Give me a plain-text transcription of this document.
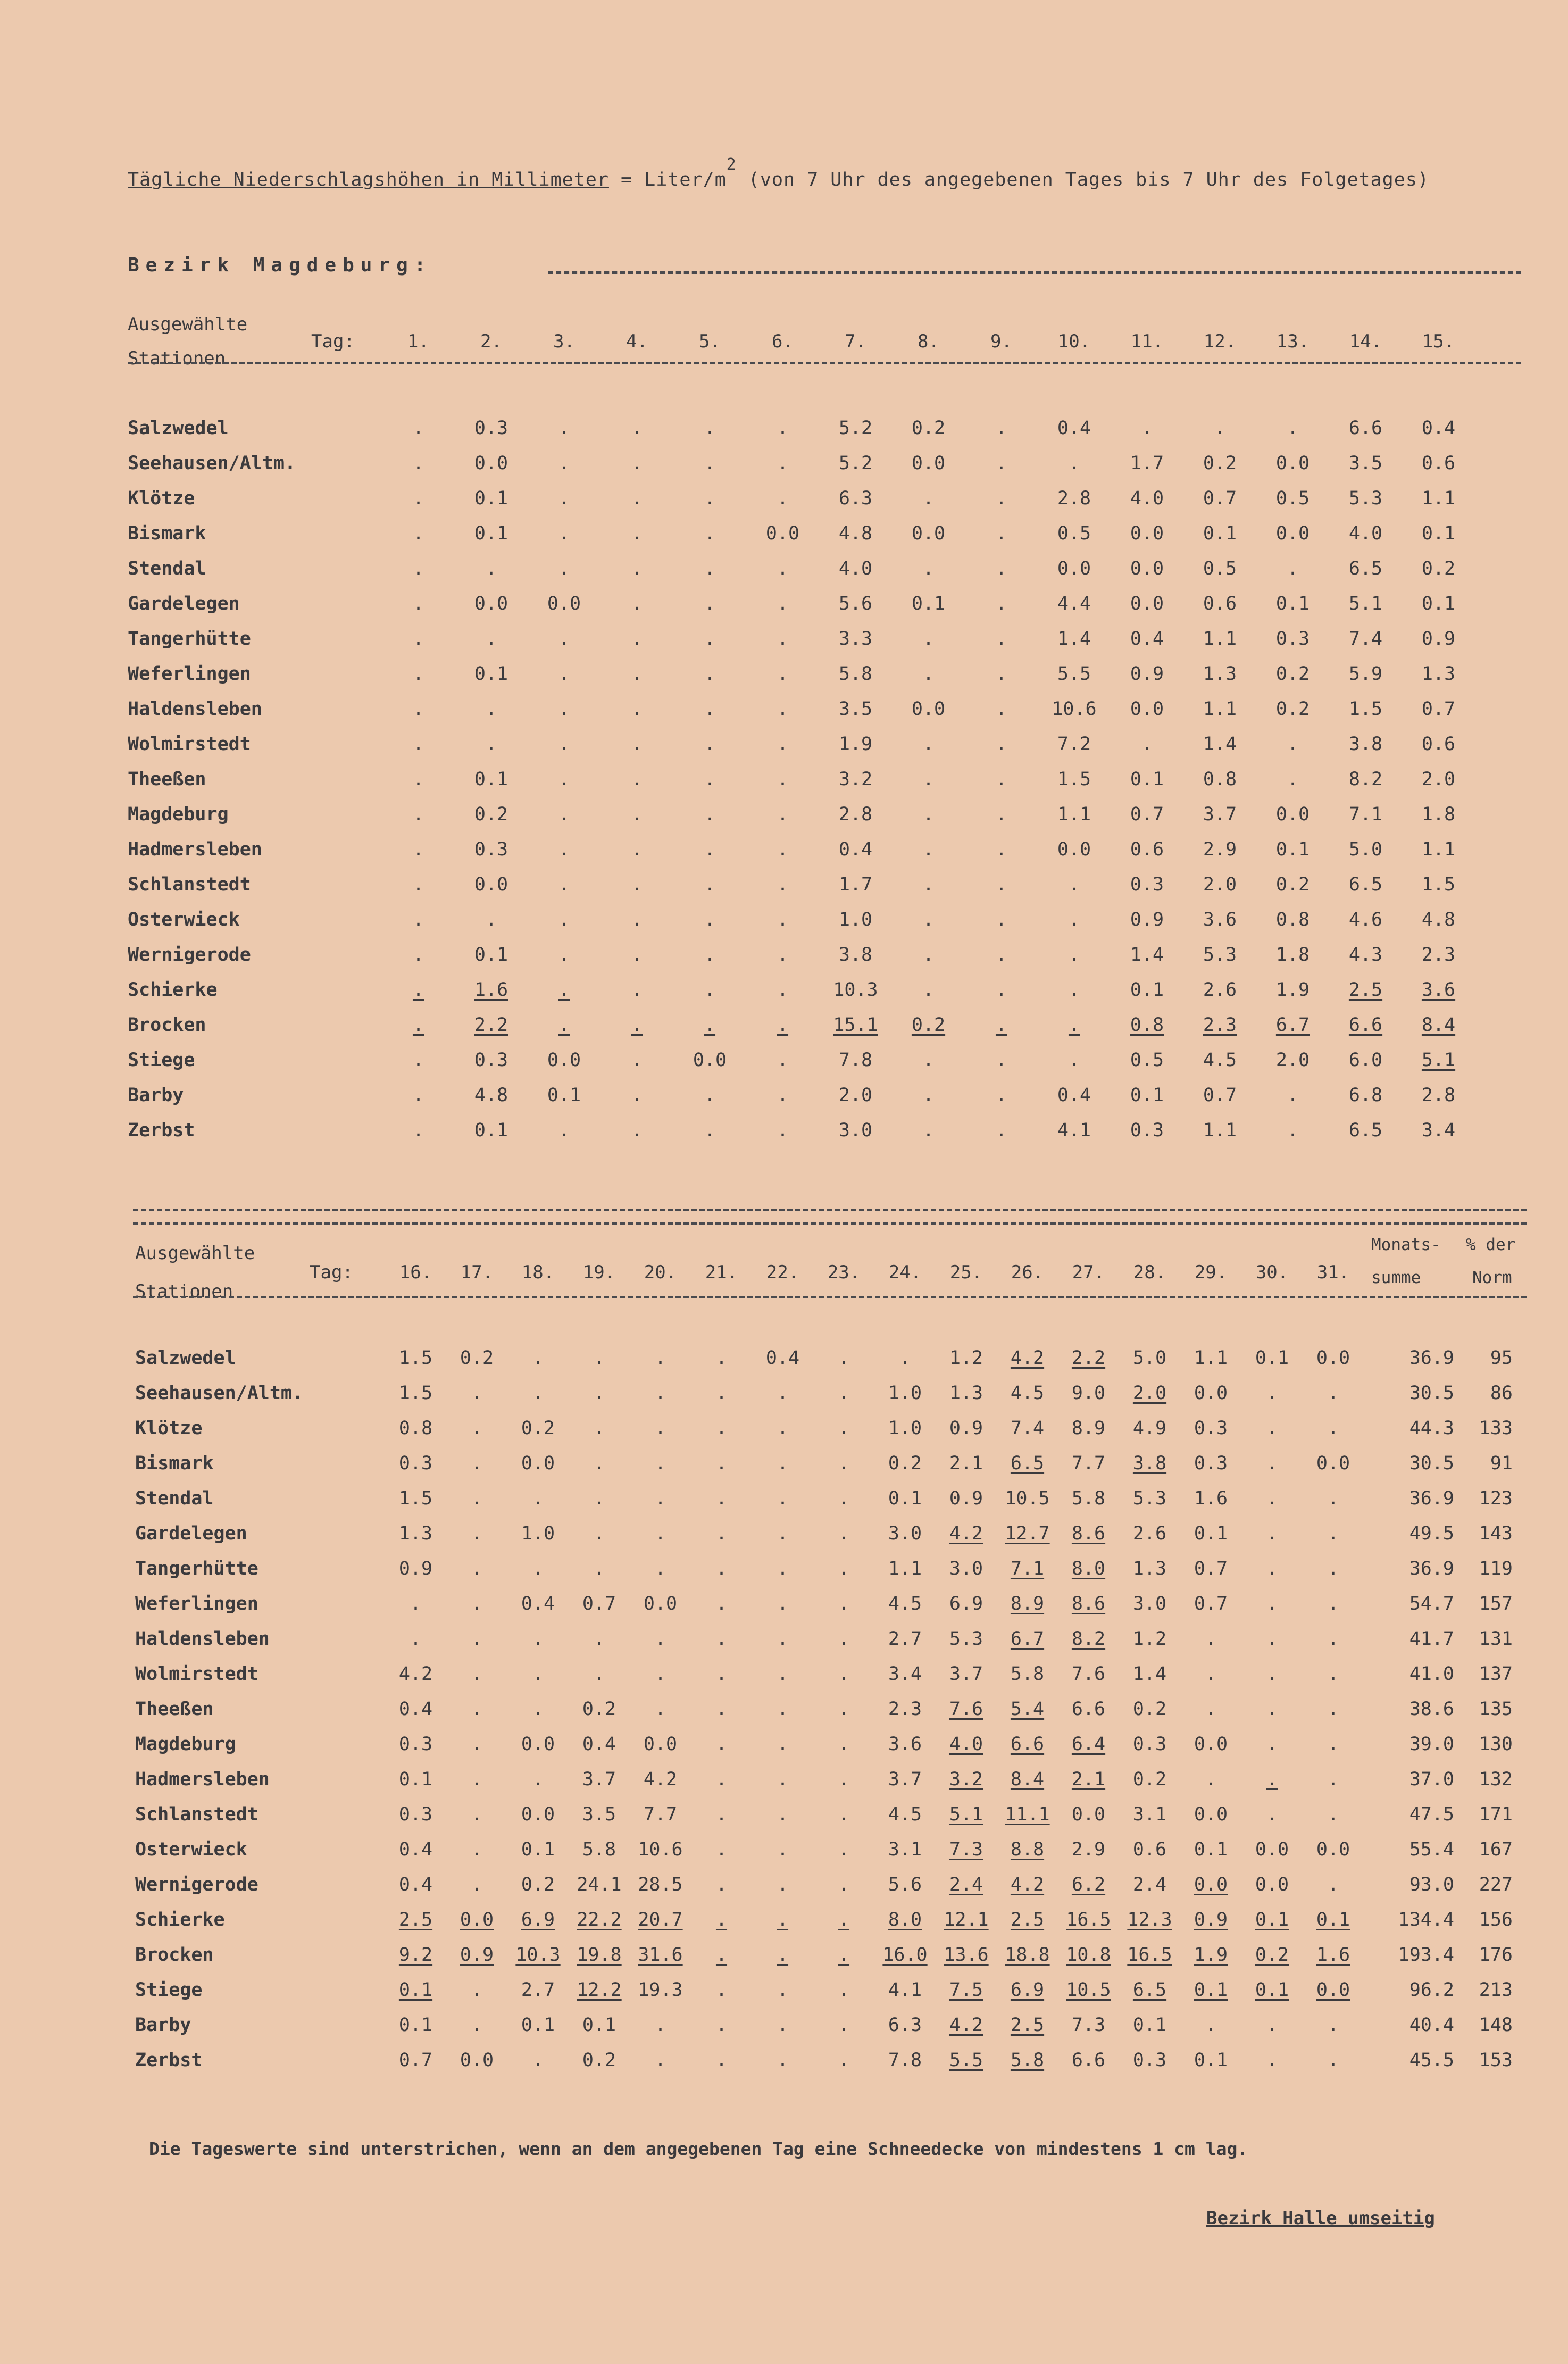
Tägliche Niederschlagshöhen in Millimeter = Liter/m2 (von 7 Uhr des angegebenen Tages bis 7 Uhr des Folgetages)
Bezirk Magdeburg:
Ausgewählte
Stationen
Tag:	1.	2.	3.	4.	5.	6.	7.	8.	9.	10.	11.	12.	13.	14.	15.
Salzwedel	.	0.3	.	.	.	.	5.2	0.2	.	0.4	.	.	.	6.6	0.4
Seehausen/Altm.	.	0.0	.	.	.	.	5.2	0.0	.	.	1.7	0.2	0.0	3.5	0.6
Klötze	.	0.1	.	.	.	.	6.3	.	.	2.8	4.0	0.7	0.5	5.3	1.1
Bismark	.	0.1	.	.	.	0.0	4.8	0.0	.	0.5	0.0	0.1	0.0	4.0	0.1
Stendal	.	.	.	.	.	.	4.0	.	.	0.0	0.0	0.5	.	6.5	0.2
Gardelegen	.	0.0	0.0	.	.	.	5.6	0.1	.	4.4	0.0	0.6	0.1	5.1	0.1
Tangerhütte	.	.	.	.	.	.	3.3	.	.	1.4	0.4	1.1	0.3	7.4	0.9
Weferlingen	.	0.1	.	.	.	.	5.8	.	.	5.5	0.9	1.3	0.2	5.9	1.3
Haldensleben	.	.	.	.	.	.	3.5	0.0	.	10.6	0.0	1.1	0.2	1.5	0.7
Wolmirstedt	.	.	.	.	.	.	1.9	.	.	7.2	.	1.4	.	3.8	0.6
Theeßen	.	0.1	.	.	.	.	3.2	.	.	1.5	0.1	0.8	.	8.2	2.0
Magdeburg	.	0.2	.	.	.	.	2.8	.	.	1.1	0.7	3.7	0.0	7.1	1.8
Hadmersleben	.	0.3	.	.	.	.	0.4	.	.	0.0	0.6	2.9	0.1	5.0	1.1
Schlanstedt	.	0.0	.	.	.	.	1.7	.	.	.	0.3	2.0	0.2	6.5	1.5
Osterwieck	.	.	.	.	.	.	1.0	.	.	.	0.9	3.6	0.8	4.6	4.8
Wernigerode	.	0.1	.	.	.	.	3.8	.	.	.	1.4	5.3	1.8	4.3	2.3
Schierke	.	1.6	.	.	.	.	10.3	.	.	.	0.1	2.6	1.9	2.5	3.6
Brocken	.	2.2	.	.	.	.	15.1	0.2	.	.	0.8	2.3	6.7	6.6	8.4
Stiege	.	0.3	0.0	.	0.0	.	7.8	.	.	.	0.5	4.5	2.0	6.0	5.1
Barby	.	4.8	0.1	.	.	.	2.0	.	.	0.4	0.1	0.7	.	6.8	2.8
Zerbst	.	0.1	.	.	.	.	3.0	.	.	4.1	0.3	1.1	.	6.5	3.4
Ausgewählte
Stationen
Tag:	16.	17.	18.	19.	20.	21.	22.	23.	24.	25.	26.	27.	28.	29.	30.	31.
Monats-
summe
% der
Norm
Salzwedel	1.5	0.2	.	.	.	.	0.4	.	.	1.2	4.2	2.2	5.0	1.1	0.1	0.0	36.9	95
Seehausen/Altm.	1.5	.	.	.	.	.	.	.	1.0	1.3	4.5	9.0	2.0	0.0	.	.	30.5	86
Klötze	0.8	.	0.2	.	.	.	.	.	1.0	0.9	7.4	8.9	4.9	0.3	.	.	44.3	133
Bismark	0.3	.	0.0	.	.	.	.	.	0.2	2.1	6.5	7.7	3.8	0.3	.	0.0	30.5	91
Stendal	1.5	.	.	.	.	.	.	.	0.1	0.9	10.5	5.8	5.3	1.6	.	.	36.9	123
Gardelegen	1.3	.	1.0	.	.	.	.	.	3.0	4.2	12.7	8.6	2.6	0.1	.	.	49.5	143
Tangerhütte	0.9	.	.	.	.	.	.	.	1.1	3.0	7.1	8.0	1.3	0.7	.	.	36.9	119
Weferlingen	.	.	0.4	0.7	0.0	.	.	.	4.5	6.9	8.9	8.6	3.0	0.7	.	.	54.7	157
Haldensleben	.	.	.	.	.	.	.	.	2.7	5.3	6.7	8.2	1.2	.	.	.	41.7	131
Wolmirstedt	4.2	.	.	.	.	.	.	.	3.4	3.7	5.8	7.6	1.4	.	.	.	41.0	137
Theeßen	0.4	.	.	0.2	.	.	.	.	2.3	7.6	5.4	6.6	0.2	.	.	.	38.6	135
Magdeburg	0.3	.	0.0	0.4	0.0	.	.	.	3.6	4.0	6.6	6.4	0.3	0.0	.	.	39.0	130
Hadmersleben	0.1	.	.	3.7	4.2	.	.	.	3.7	3.2	8.4	2.1	0.2	.	.	.	37.0	132
Schlanstedt	0.3	.	0.0	3.5	7.7	.	.	.	4.5	5.1	11.1	0.0	3.1	0.0	.	.	47.5	171
Osterwieck	0.4	.	0.1	5.8	10.6	.	.	.	3.1	7.3	8.8	2.9	0.6	0.1	0.0	0.0	55.4	167
Wernigerode	0.4	.	0.2	24.1	28.5	.	.	.	5.6	2.4	4.2	6.2	2.4	0.0	0.0	.	93.0	227
Schierke	2.5	0.0	6.9	22.2	20.7	.	.	.	8.0	12.1	2.5	16.5	12.3	0.9	0.1	0.1	134.4	156
Brocken	9.2	0.9	10.3	19.8	31.6	.	.	.	16.0	13.6	18.8	10.8	16.5	1.9	0.2	1.6	193.4	176
Stiege	0.1	.	2.7	12.2	19.3	.	.	.	4.1	7.5	6.9	10.5	6.5	0.1	0.1	0.0	96.2	213
Barby	0.1	.	0.1	0.1	.	.	.	.	6.3	4.2	2.5	7.3	0.1	.	.	.	40.4	148
Zerbst	0.7	0.0	.	0.2	.	.	.	.	7.8	5.5	5.8	6.6	0.3	0.1	.	.	45.5	153
Die Tageswerte sind unterstrichen, wenn an dem angegebenen Tag eine Schneedecke von mindestens 1 cm lag.
Bezirk Halle umseitig
